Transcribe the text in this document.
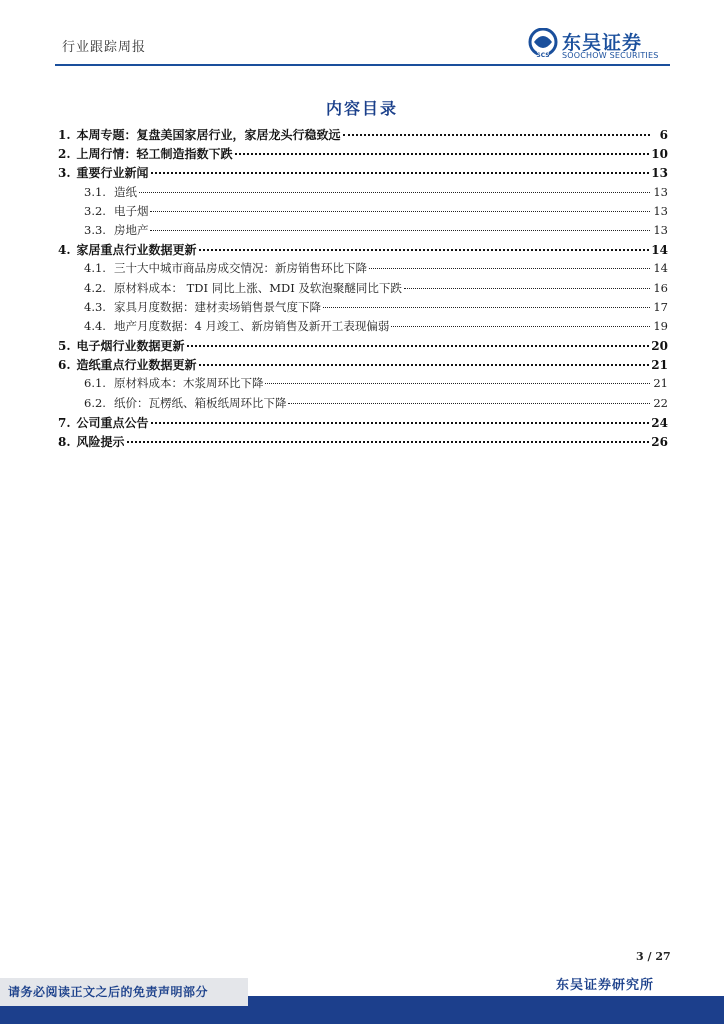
行业跟踪周报
SCS
东吴证券
SOOCHOW SECURITIES
内容目录
1. 本周专题：复盘美国家居行业，家居龙头行稳致远	6
2. 上周行情：轻工制造指数下跌	10
3. 重要行业新闻	13
3.1. 造纸	13
3.2. 电子烟	13
3.3. 房地产	13
4. 家居重点行业数据更新	14
4.1. 三十大中城市商品房成交情况：新房销售环比下降	14
4.2. 原材料成本： TDI 同比上涨、MDI 及软泡聚醚同比下跌	16
4.3. 家具月度数据：建材卖场销售景气度下降	17
4.4. 地产月度数据：4 月竣工、新房销售及新开工表现偏弱	19
5. 电子烟行业数据更新	20
6. 造纸重点行业数据更新	21
6.1. 原材料成本：木浆周环比下降	21
6.2. 纸价：瓦楞纸、箱板纸周环比下降	22
7. 公司重点公告	24
8. 风险提示	26
3 / 27
东吴证券研究所
请务必阅读正文之后的免责声明部分
